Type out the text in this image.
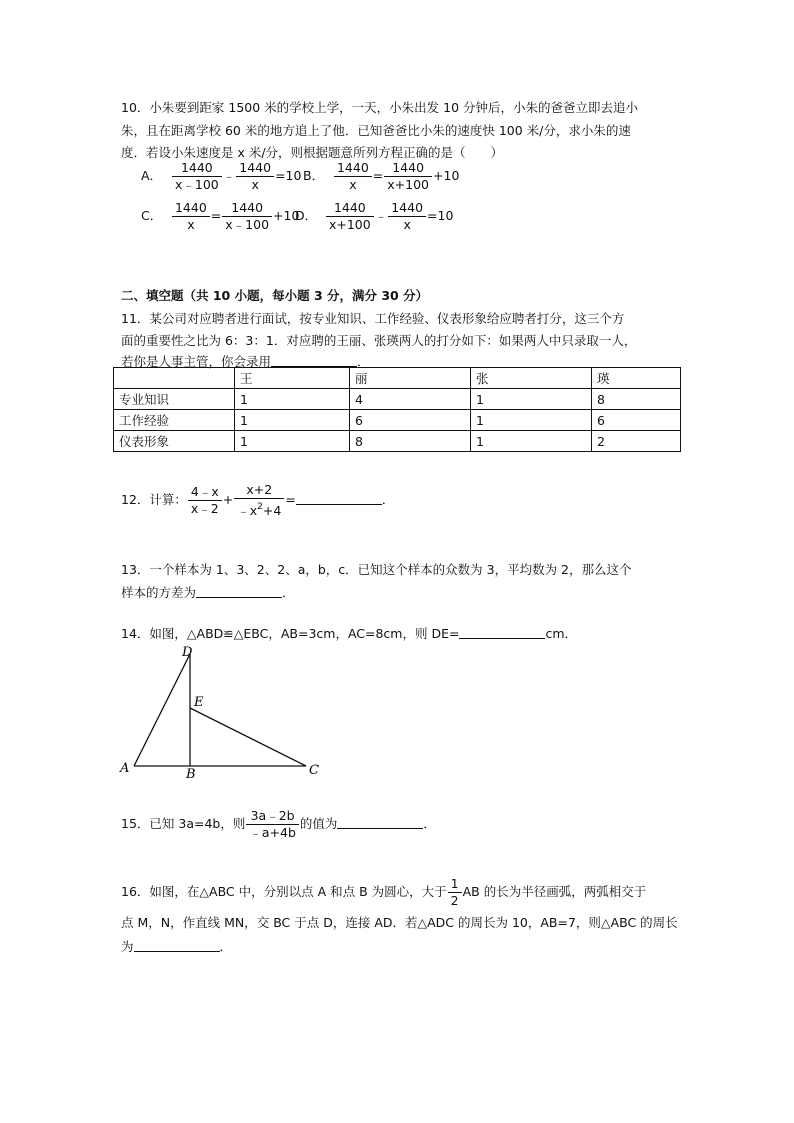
10．小朱要到距家 1500 米的学校上学，一天，小朱出发 10 分钟后，小朱的爸爸立即去追小
朱，且在距离学校 60 米的地方追上了他．已知爸爸比小朱的速度快 100 米/分，求小朱的速
度．若设小朱速度是 x 米/分，则根据题意所列方程正确的是（　　）
A． $\frac{1440}{x﹣100}$ ﹣ $\frac{1440}{x} =10$ B． $\frac{1440}{x} = \frac{1440}{x+100} +10$
C． $\frac{1440}{x} = \frac{1440}{x﹣100} +10$
D． $\frac{1440}{x+100}$ ﹣ $\frac{1440}{x} =10$
二、填空题（共 10 小题，每小题 3 分，满分 30 分）
11．某公司对应聘者进行面试，按专业知识、工作经验、仪表形象给应聘者打分，这三个方
面的重要性之比为 6：3：1．对应聘的王丽、张瑛两人的打分如下：如果两人中只录取一人，
若你是人事主管，你会录用	．
	王	丽	张	瑛
专业知识	1	4	1	8
工作经验	1	6	1	6
仪表形象	1	8	1	2
12．计算： $\frac{4﹣x}{x﹣2} + \frac{x+2}{﹣x^2+4}$ =	．
13．一个样本为 1、3、2、2、a，b，c．已知这个样本的众数为 3，平均数为 2，那么这个
样本的方差为	．
14．如图，△ABD≌△EBC，AB=3cm，AC=8cm，则 DE=	cm．
A	B	C
D
E
15．已知 3a=4b，则 $\frac{3a﹣2b}{﹣a+4b}$ 的值为	．
16．如图，在△ABC 中，分别以点 A 和点 B 为圆心，大于 $\frac{1}{2}$ AB 的长为半径画弧，两弧相交于
点 M，N，作直线 MN，交 BC 于点 D，连接 AD．若△ADC 的周长为 10，AB=7，则△ABC 的周长
为	．
